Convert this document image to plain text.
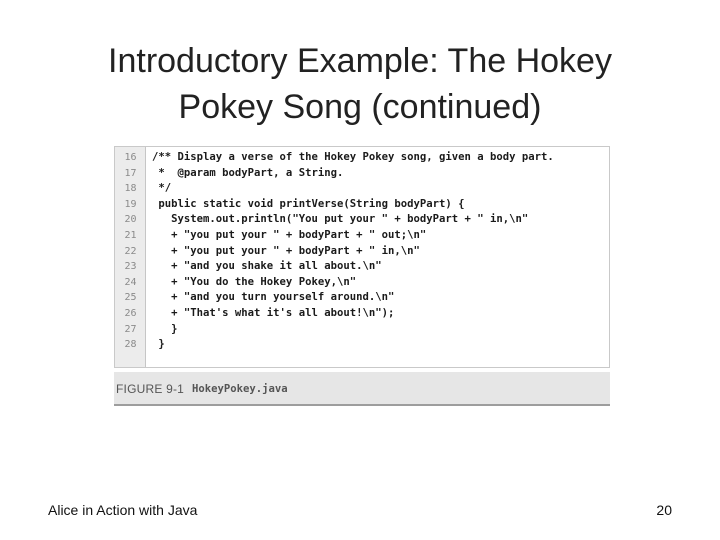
Introductory Example: The Hokey
Pokey Song (continued)
16	/** Display a verse of the Hokey Pokey song, given a body part.
17	*  @param bodyPart, a String.
18	*/
19	public static void printVerse(String bodyPart) {
20	System.out.println("You put your " + bodyPart + " in,\n"
21	+ "you put your " + bodyPart + " out;\n"
22	+ "you put your " + bodyPart + " in,\n"
23	+ "and you shake it all about.\n"
24	+ "You do the Hokey Pokey,\n"
25	+ "and you turn yourself around.\n"
26	+ "That's what it's all about!\n");
27	}
28	}
FIGURE 9-1 HokeyPokey.java
Alice in Action with Java	20
